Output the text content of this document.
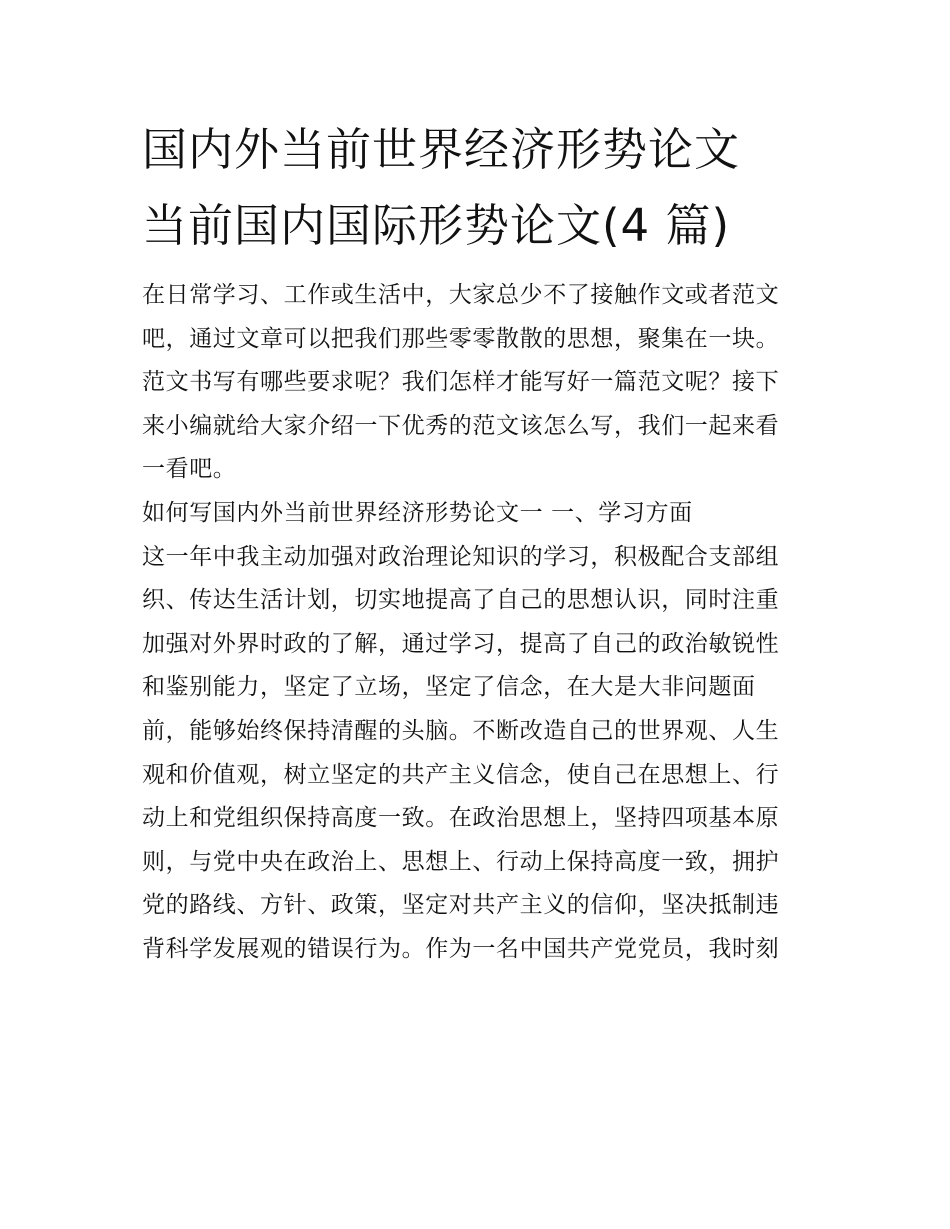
国内外当前世界经济形势论文
当前国内国际形势论文(4 篇)
在日常学习、工作或生活中，大家总少不了接触作文或者范文
吧，通过文章可以把我们那些零零散散的思想，聚集在一块。
范文书写有哪些要求呢？我们怎样才能写好一篇范文呢？接下
来小编就给大家介绍一下优秀的范文该怎么写，我们一起来看
一看吧。
如何写国内外当前世界经济形势论文一 一、学习方面
这一年中我主动加强对政治理论知识的学习，积极配合支部组
织、传达生活计划，切实地提高了自己的思想认识，同时注重
加强对外界时政的了解，通过学习，提高了自己的政治敏锐性
和鉴别能力，坚定了立场，坚定了信念，在大是大非问题面
前，能够始终保持清醒的头脑。不断改造自己的世界观、人生
观和价值观，树立坚定的共产主义信念，使自己在思想上、行
动上和党组织保持高度一致。在政治思想上，坚持四项基本原
则，与党中央在政治上、思想上、行动上保持高度一致，拥护
党的路线、方针、政策，坚定对共产主义的信仰，坚决抵制违
背科学发展观的错误行为。作为一名中国共产党党员，我时刻
